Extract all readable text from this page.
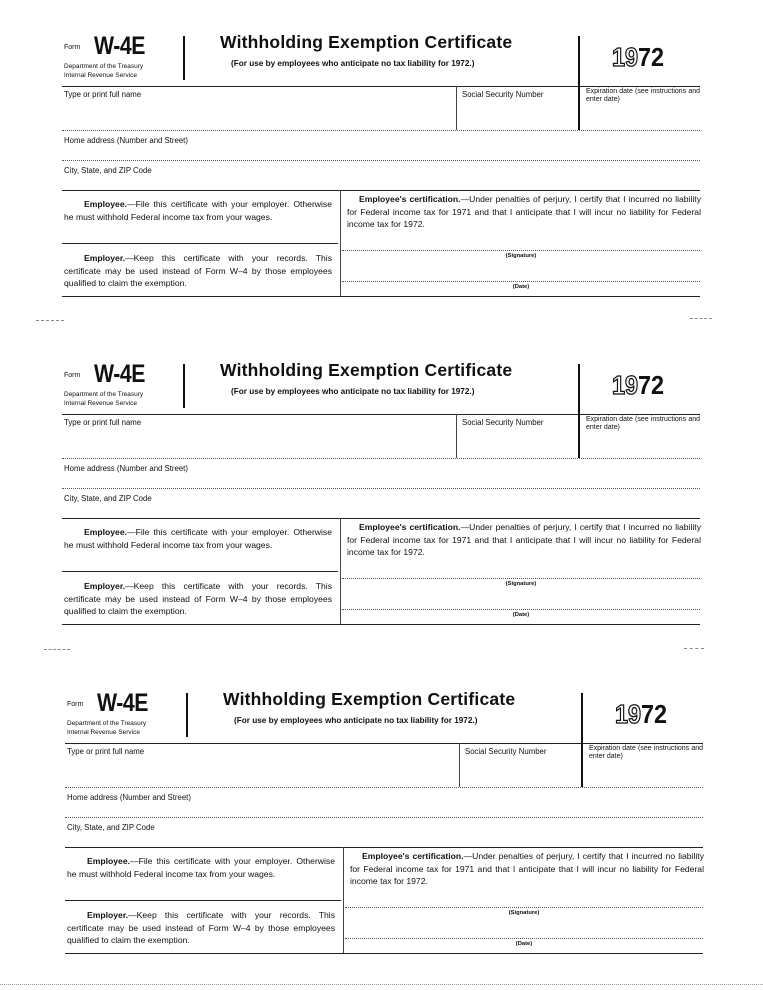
Form W-4E
Department of the Treasury
Internal Revenue Service
Withholding Exemption Certificate
(For use by employees who anticipate no tax liability for 1972.)	1972
Type or print full name	Social Security Number	Expiration date (see instructions and enter date)
Home address (Number and Street)
City, State, and ZIP Code
Employee.—File this certificate with your employer. Otherwise he must withhold Federal income tax from your wages.
Employer.—Keep this certificate with your records. This certificate may be used instead of Form W–4 by those employees qualified to claim the exemption.
Employee's certification.—Under penalties of perjury, I certify that I incurred no liability for Federal income tax for 1971 and that I anticipate that I will incur no liability for Federal income tax for 1972.
(Signature)
(Date)
Form W-4E
Department of the Treasury
Internal Revenue Service
Withholding Exemption Certificate
(For use by employees who anticipate no tax liability for 1972.)	1972
Type or print full name	Social Security Number	Expiration date (see instructions and enter date)
Home address (Number and Street)
City, State, and ZIP Code
Employee.—File this certificate with your employer. Otherwise he must withhold Federal income tax from your wages.
Employer.—Keep this certificate with your records. This certificate may be used instead of Form W–4 by those employees qualified to claim the exemption.
Employee's certification.—Under penalties of perjury, I certify that I incurred no liability for Federal income tax for 1971 and that I anticipate that I will incur no liability for Federal income tax for 1972.
(Signature)
(Date)
Form W-4E
Department of the Treasury
Internal Revenue Service
Withholding Exemption Certificate
(For use by employees who anticipate no tax liability for 1972.)	1972
Type or print full name	Social Security Number	Expiration date (see instructions and enter date)
Home address (Number and Street)
City, State, and ZIP Code
Employee.—File this certificate with your employer. Otherwise he must withhold Federal income tax from your wages.
Employer.—Keep this certificate with your records. This certificate may be used instead of Form W–4 by those employees qualified to claim the exemption.
Employee's certification.—Under penalties of perjury, I certify that I incurred no liability for Federal income tax for 1971 and that I anticipate that I will incur no liability for Federal income tax for 1972.
(Signature)
(Date)
